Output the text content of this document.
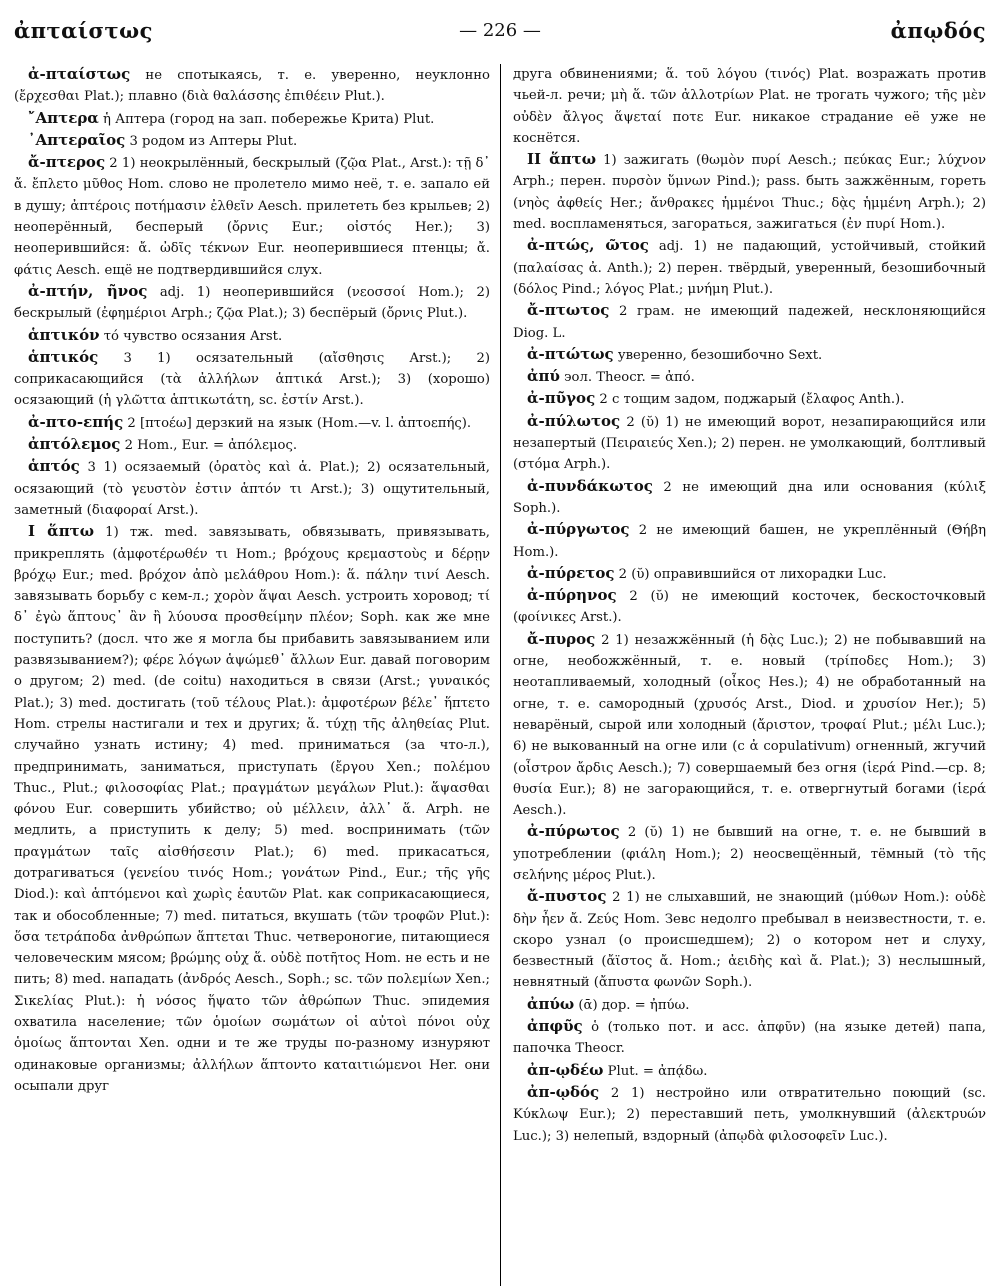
ἀπταίστως	— 226 —	ἀπῳδός

ἀ-πταίστως не спотыкаясь, т. е. уверенно, неуклонно (ἔρχεσθαι Plat.); плавно (διὰ θαλάσσης ἐπιθέειν Plut.).

῎Απτερα ἡ Аптера (город на зап. побережье Крита) Plut.

᾿Απτεραῖος 3 родом из Аптеры Plut.

ἄ-πτερος 2 1) неокрылённый, бескрылый (ζῷα Plat., Arst.): τῇ δ᾽ ἄ. ἔπλετο μῦθος Hom. слово не пролетело мимо неё, т. е. запало ей в душу; ἀπτέροις ποτήμασιν ἐλθεῖν Aesch. прилететь без крыльев; 2) неоперённый, бесперый (ὄρνις Eur.; οἰστός Her.); 3) неоперившийся: ἄ. ὠδῖς τέκνων Eur. неоперившиеся птенцы; ἄ. φάτις Aesch. ещё не подтвердившийся слух.

ἀ-πτήν, ῆνος adj. 1) неоперившийся (νεοσσοί Hom.); 2) бескрылый (ἐφημέριοι Arph.; ζῷα Plat.); 3) беспёрый (ὄρνις Plut.).

ἁπτικόν τό чувство осязания Arst.

ἁπτικός 3 1) осязательный (αἴσθησις Arst.); 2) соприкасающийся (τὰ ἀλλήλων ἁπτικά Arst.); 3) (хорошо) осязающий (ἡ γλῶττα ἁπτικωτάτη, sc. ἐστίν Arst.).

ἀ-πτο-επής 2 [πτοέω] дерзкий на язык (Hom.—v. l. ἀπτοεπής).

ἀπτόλεμος 2 Hom., Eur. = ἀπόλεμος.

ἁπτός 3 1) осязаемый (ὁρατὸς καὶ ἁ. Plat.); 2) осязательный, осязающий (τὸ γευστὸν ἐστιν ἁπτόν τι Arst.); 3) ощутительный, заметный (διαφοραί Arst.).

I ἅπτω 1) тж. med. завязывать, обвязывать, привязывать, прикреплять (ἀμφοτέρωθέν τι Hom.; βρόχους κρεμαστοὺς и δέρῃν βρόχῳ Eur.; med. βρόχον ἀπὸ μελάθρου Hom.): ἅ. πάλην τινί Aesch. завязывать борьбу с кем-л.; χορὸν ἅψαι Aesch. устроить хоровод; τί δ᾽ ἐγὼ ἅπτους᾽ ἂν ἢ λύουσα προσθείμην πλέον; Soph. как же мне поступить? (досл. что же я могла бы прибавить завязыванием или развязыванием?); φέρε λόγων ἁψώμεθ᾽ ἄλλων Eur. давай поговорим о другом; 2) med. (de coitu) находиться в связи (Arst.; γυναικός Plat.); 3) med. достигать (τοῦ τέλους Plat.): ἀμφοτέρων βέλε᾽ ἥπτετο Hom. стрелы настигали и тех и других; ἅ. τύχῃ τῆς ἀληθείας Plut. случайно узнать истину; 4) med. приниматься (за что-л.), предпринимать, заниматься, приступать (ἔργου Xen.; πολέμου Thuc., Plut.; φιλοσοφίας Plat.; πραγμάτων μεγάλων Plut.): ἅψασθαι φόνου Eur. совершить убийство; οὐ μέλλειν, ἀλλ᾽ ἅ. Arph. не медлить, а приступить к делу; 5) med. воспринимать (τῶν πραγμάτων ταῖς αἰσθήσεσιν Plat.); 6) med. прикасаться, дотрагиваться (γενείου τινός Hom.; γονάτων Pind., Eur.; τῆς γῆς Diod.): καὶ ἁπτόμενοι καὶ χωρὶς ἑαυτῶν Plat. как соприкасающиеся, так и обособленные; 7) med. питаться, вкушать (τῶν τροφῶν Plut.): ὅσα τετράποδα ἀνθρώπων ἅπτεται Thuc. четвероногие, питающиеся человеческим мясом; βρώμης οὐχ ἅ. οὐδὲ ποτῆτος Hom. не есть и не пить; 8) med. нападать (ἀνδρός Aesch., Soph.; sc. τῶν πολεμίων Xen.; Σικελίας Plut.): ἡ νόσος ἥψατο τῶν ἀθρώπων Thuc. эпидемия охватила население; τῶν ὁμοίων σωμάτων οἱ αὐτοὶ πόνοι οὐχ ὁμοίως ἅπτονται Xen. одни и те же труды по-разному изнуряют одинаковые организмы; ἀλλήλων ἅπτοντο καταιτιώμενοι Her. они осыпали друг

друга обвинениями; ἅ. τοῦ λόγου (τινός) Plat. возражать против чьей-л. речи; μὴ ἅ. τῶν ἀλλοτρίων Plat. не трогать чужого; τῆς μὲν οὐδὲν ἄλγος ἅψεταί ποτε Eur. никакое страдание её уже не коснётся.

II ἅπτω 1) зажигать (θωμὸν πυρί Aesch.; πεύκας Eur.; λύχνον Arph.; перен. πυρσὸν ὕμνων Pind.); pass. быть зажжённым, гореть (νηὸς ἀφθείς Her.; ἄνθρακες ἡμμένοι Thuc.; δᾲς ἡμμένη Arph.); 2) med. воспламеняться, загораться, зажигаться (ἐν πυρί Hom.).

ἀ-πτώς, ῶτος adj. 1) не падающий, устойчивый, стойкий (παλαίσας ἀ. Anth.); 2) перен. твёрдый, уверенный, безошибочный (δόλος Pind.; λόγος Plat.; μνήμη Plut.).

ἄ-πτωτος 2 грам. не имеющий падежей, несклоняющийся Diog. L.

ἀ-πτώτως уверенно, безошибочно Sext.

ἀπύ эол. Theocr. = ἀπό.

ἀ-πῦγος 2 с тощим задом, поджарый (ἔλαφος Anth.).

ἀ-πύλωτος 2 (ῠ) 1) не имеющий ворот, незапирающийся или незапертый (Πειραιεύς Xen.); 2) перен. не умолкающий, болтливый (στόμα Arph.).

ἀ-πυνδάκωτος 2 не имеющий дна или основания (κύλιξ Soph.).

ἀ-πύργωτος 2 не имеющий башен, не укреплённый (Θήβη Hom.).

ἀ-πύρετος 2 (ῠ) оправившийся от лихорадки Luc.

ἀ-πύρηνος 2 (ῠ) не имеющий косточек, бескосточковый (φοίνικες Arst.).

ἄ-πυρος 2 1) незажжённый (ἡ δᾲς Luc.); 2) не побывавший на огне, необожжённый, т. е. новый (τρίποδες Hom.); 3) неотапливаемый, холодный (οἶκος Hes.); 4) не обработанный на огне, т. е. самородный (χρυσός Arst., Diod. и χρυσίον Her.); 5) неварёный, сырой или холодный (ἄριστον, τροφαί Plut.; μέλι Luc.); 6) не выкованный на огне или (с ἀ copulativum) огненный, жгучий (οἶστρον ἄρδις Aesch.); 7) совершаемый без огня (ἱερά Pind.—ср. 8; θυσία Eur.); 8) не загорающийся, т. е. отвергнутый богами (ἱερά Aesch.).

ἀ-πύρωτος 2 (ῠ) 1) не бывший на огне, т. е. не бывший в употреблении (φιάλη Hom.); 2) неосвещённый, тёмный (τὸ τῆς σελήνης μέρος Plut.).

ἄ-πυστος 2 1) не слыхавший, не знающий (μύθων Hom.): οὐδὲ δὴν ἦεν ἄ. Ζεύς Hom. Зевс недолго пребывал в неизвестности, т. е. скоро узнал (о происшедшем); 2) о котором нет и слуху, безвестный (ἄϊστος ἄ. Hom.; ἀειδὴς καὶ ἄ. Plat.); 3) неслышный, невнятный (ἄπυστα φωνῶν Soph.).

ἀπύω (ᾱ) дор. = ἠπύω.

ἀπφῦς ὁ (только пот. и асс. ἀπφῦν) (на языке детей) папа, папочка Theocr.

ἀπ-ῳδέω Plut. = ἀπᾴδω.

ἀπ-ῳδός 2 1) нестройно или отвратительно поющий (sc. Κύκλωψ Eur.); 2) переставший петь, умолкнувший (ἀλεκτρυών Luc.); 3) нелепый, вздорный (ἀπῳδὰ φιλοσοφεῖν Luc.).
